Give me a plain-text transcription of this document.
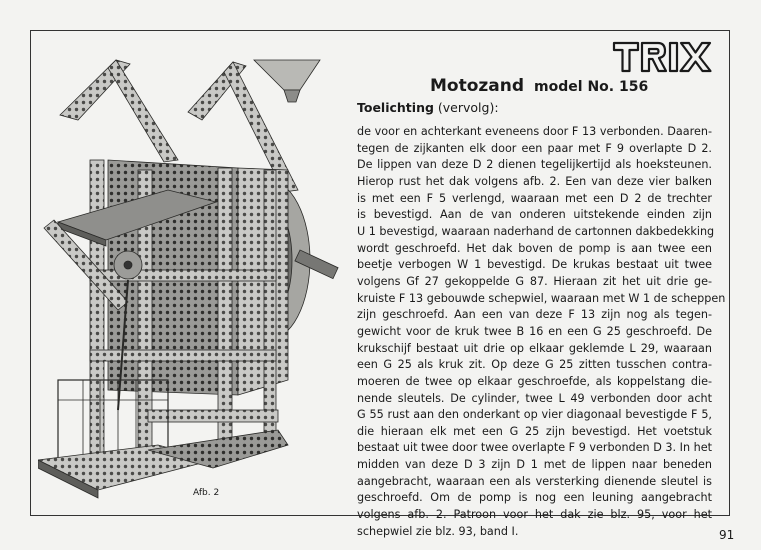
Motozand model No. 156
Toelichting (vervolg):
de voor en achterkant eveneens door F 13 verbonden. Daaren-
tegen de zijkanten elk door een paar met F 9 overlapte D 2.
De lippen van deze D 2 dienen tegelijkertijd als hoeksteunen.
Hierop rust het dak volgens afb. 2. Een van deze vier balken
is met een F 5 verlengd, waaraan met een D 2 de trechter
is bevestigd. Aan de van onderen uitstekende einden zijn
U 1 bevestigd, waaraan naderhand de cartonnen dakbedekking
wordt geschroefd. Het dak boven de pomp is aan twee een
beetje verbogen W 1 bevestigd. De krukas bestaat uit twee
volgens Gf 27 gekoppelde G 87. Hieraan zit het uit drie ge-
kruiste F 13 gebouwde schepwiel, waaraan met W 1 de scheppen
zijn geschroefd. Aan een van deze F 13 zijn nog als tegen-
gewicht voor de kruk twee B 16 en een G 25 geschroefd. De
krukschijf bestaat uit drie op elkaar geklemde L 29, waaraan
een G 25 als kruk zit. Op deze G 25 zitten tusschen contra-
moeren de twee op elkaar geschroefde, als koppelstang die-
nende sleutels. De cylinder, twee L 49 verbonden door acht
G 55 rust aan den onderkant op vier diagonaal bevestigde F 5,
die hieraan elk met een G 25 zijn bevestigd. Het voetstuk
bestaat uit twee door twee overlapte F 9 verbonden D 3. In het
midden van deze D 3 zijn D 1 met de lippen naar beneden
aangebracht, waaraan een als versterking dienende sleutel is
geschroefd. Om de pomp is nog een leuning aangebracht
volgens afb. 2. Patroon voor het dak zie blz. 95, voor het
schepwiel zie blz. 93, band I.
Afb. 2
91
